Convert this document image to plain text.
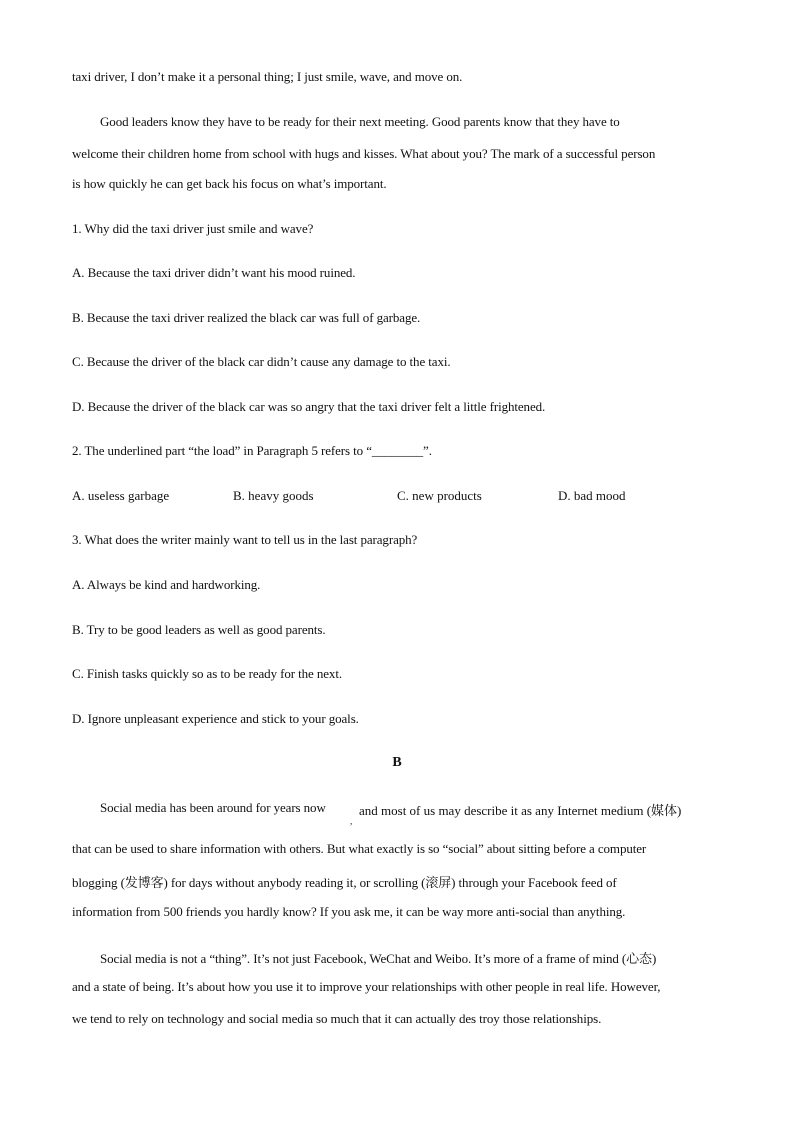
taxi driver, I don’t make it a personal thing; I just smile, wave, and move on.
Good leaders know they have to be ready for their next meeting. Good parents know that they have to
welcome their children home from school with hugs and kisses. What about you? The mark of a successful person
is how quickly he can get back his focus on what’s important.
1. Why did the taxi driver just smile and wave?
A. Because the taxi driver didn’t want his mood ruined.
B. Because the taxi driver realized the black car was full of garbage.
C. Because the driver of the black car didn’t cause any damage to the taxi.
D. Because the driver of the black car was so angry that the taxi driver felt a little frightened.
2. The underlined part “the load” in Paragraph 5 refers to “________”.
A. useless garbage	B. heavy goods	C. new products	D. bad mood
3. What does the writer mainly want to tell us in the last paragraph?
A. Always be kind and hardworking.
B. Try to be good leaders as well as good parents.
C. Finish tasks quickly so as to be ready for the next.
D. Ignore unpleasant experience and stick to your goals.
B
Social media has been around for years now
,
and most of us may describe it as any Internet medium (媒体)
that can be used to share information with others. But what exactly is so “social” about sitting before a computer
blogging (发博客) for days without anybody reading it, or scrolling (滚屏) through your Facebook feed of
information from 500 friends you hardly know? If you ask me, it can be way more anti-social than anything.
Social media is not a “thing”. It’s not just Facebook, WeChat and Weibo. It’s more of a frame of mind (心态)
and a state of being. It’s about how you use it to improve your relationships with other people in real life. However,
we tend to rely on technology and social media so much that it can actually des troy those relationships.
